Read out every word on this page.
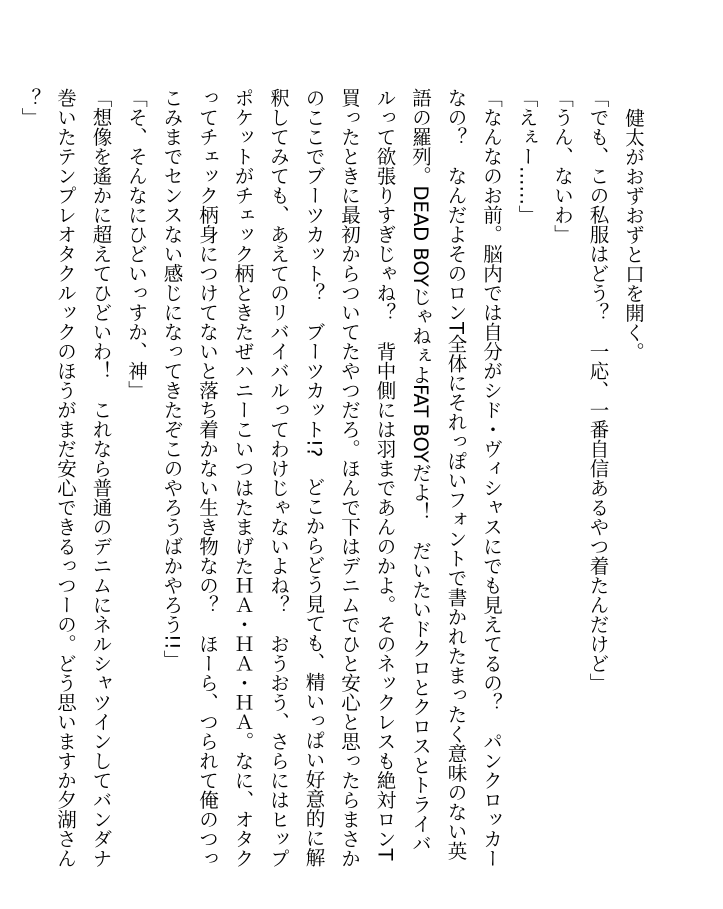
健太がおずおずと口を開く。

「でも、この私服はどう？　一応、一番自信あるやつ着たんだけど」

「うん、ないわ」

「えぇー……」

「なんなのお前。脳内では自分がシド・ヴィシャスにでも見えてるの？　パンクロッカーなの？　なんだよそのロンT全体にそれっぽいフォントで書かれたまったく意味のない英語の羅列。DEAD BOYじゃねぇよFAT BOYだよ！　だいたいドクロとクロスとトライバルって欲張りすぎじゃね？　背中側には羽まであんのかよ。そのネックレスも絶対ロンT買ったときに最初からついてたやつだろ。ほんで下はデニムでひと安心と思ったらまさかのここでブーツカット？　ブーツカット!?　どこからどう見ても、精いっぱい好意的に解釈してみても、あえてのリバイバルってわけじゃないよね？　おうおう、さらにはヒップポケットがチェック柄ときたぜハニーこいつはたまげたＨＡ・ＨＡ・ＨＡ。なに、オタクってチェック柄身につけてないと落ち着かない生き物なの？　ほーら、つられて俺のつっこみまでセンスない感じになってきたぞこのやろうばかやろう!!」

「そ、そんなにひどいっすか、神」

「想像を遙かに超えてひどいわ！　これなら普通のデニムにネルシャツインしてバンダナ巻いたテンプレオタクルックのほうがまだ安心できるっつーの。どう思いますか夕湖さん？」
